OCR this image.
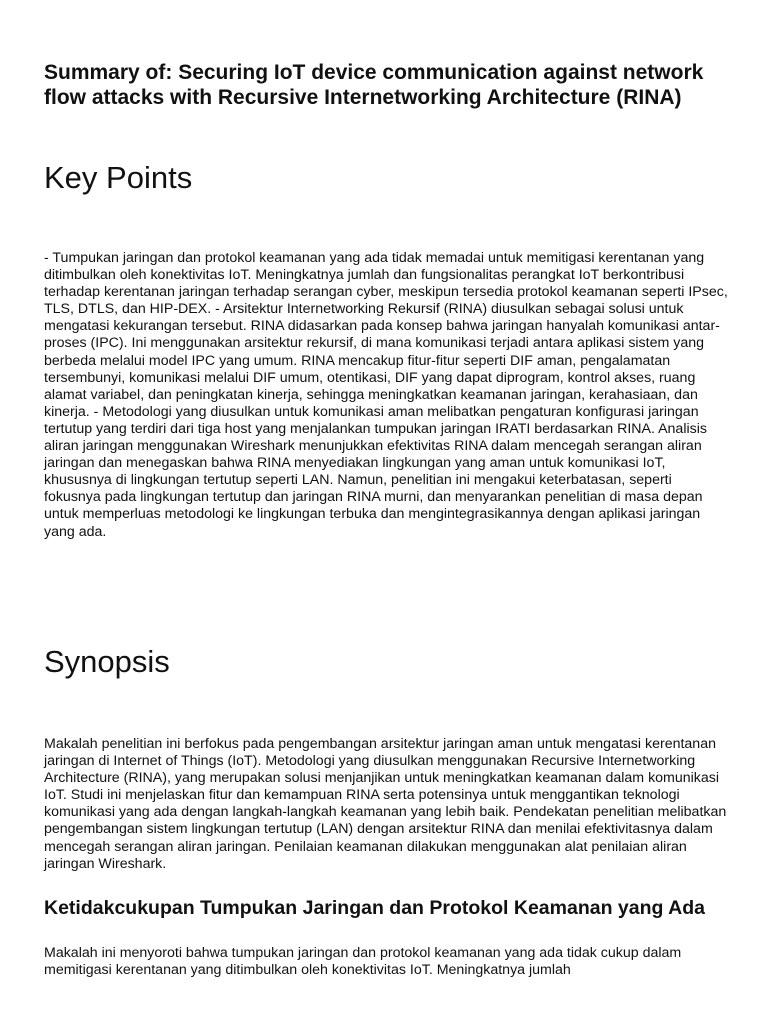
Summary of: Securing IoT device communication against network flow attacks with Recursive Internetworking Architecture (RINA)
Key Points

- Tumpukan jaringan dan protokol keamanan yang ada tidak memadai untuk memitigasi kerentanan yang ditimbulkan oleh konektivitas IoT. Meningkatnya jumlah dan fungsionalitas perangkat IoT berkontribusi terhadap kerentanan jaringan terhadap serangan cyber, meskipun tersedia protokol keamanan seperti IPsec, TLS, DTLS, dan HIP-DEX. - Arsitektur Internetworking Rekursif (RINA) diusulkan sebagai solusi untuk mengatasi kekurangan tersebut. RINA didasarkan pada konsep bahwa jaringan hanyalah komunikasi antar-proses (IPC). Ini menggunakan arsitektur rekursif, di mana komunikasi terjadi antara aplikasi sistem yang berbeda melalui model IPC yang umum. RINA mencakup fitur-fitur seperti DIF aman, pengalamatan tersembunyi, komunikasi melalui DIF umum, otentikasi, DIF yang dapat diprogram, kontrol akses, ruang alamat variabel, dan peningkatan kinerja, sehingga meningkatkan keamanan jaringan, kerahasiaan, dan kinerja. - Metodologi yang diusulkan untuk komunikasi aman melibatkan pengaturan konfigurasi jaringan tertutup yang terdiri dari tiga host yang menjalankan tumpukan jaringan IRATI berdasarkan RINA. Analisis aliran jaringan menggunakan Wireshark menunjukkan efektivitas RINA dalam mencegah serangan aliran jaringan dan menegaskan bahwa RINA menyediakan lingkungan yang aman untuk komunikasi IoT, khususnya di lingkungan tertutup seperti LAN. Namun, penelitian ini mengakui keterbatasan, seperti fokusnya pada lingkungan tertutup dan jaringan RINA murni, dan menyarankan penelitian di masa depan untuk memperluas metodologi ke lingkungan terbuka dan mengintegrasikannya dengan aplikasi jaringan yang ada.

Synopsis

Makalah penelitian ini berfokus pada pengembangan arsitektur jaringan aman untuk mengatasi kerentanan jaringan di Internet of Things (IoT). Metodologi yang diusulkan menggunakan Recursive Internetworking Architecture (RINA), yang merupakan solusi menjanjikan untuk meningkatkan keamanan dalam komunikasi IoT. Studi ini menjelaskan fitur dan kemampuan RINA serta potensinya untuk menggantikan teknologi komunikasi yang ada dengan langkah-langkah keamanan yang lebih baik. Pendekatan penelitian melibatkan pengembangan sistem lingkungan tertutup (LAN) dengan arsitektur RINA dan menilai efektivitasnya dalam mencegah serangan aliran jaringan. Penilaian keamanan dilakukan menggunakan alat penilaian aliran jaringan Wireshark.

Ketidakcukupan Tumpukan Jaringan dan Protokol Keamanan yang Ada

Makalah ini menyoroti bahwa tumpukan jaringan dan protokol keamanan yang ada tidak cukup dalam memitigasi kerentanan yang ditimbulkan oleh konektivitas IoT. Meningkatnya jumlah
